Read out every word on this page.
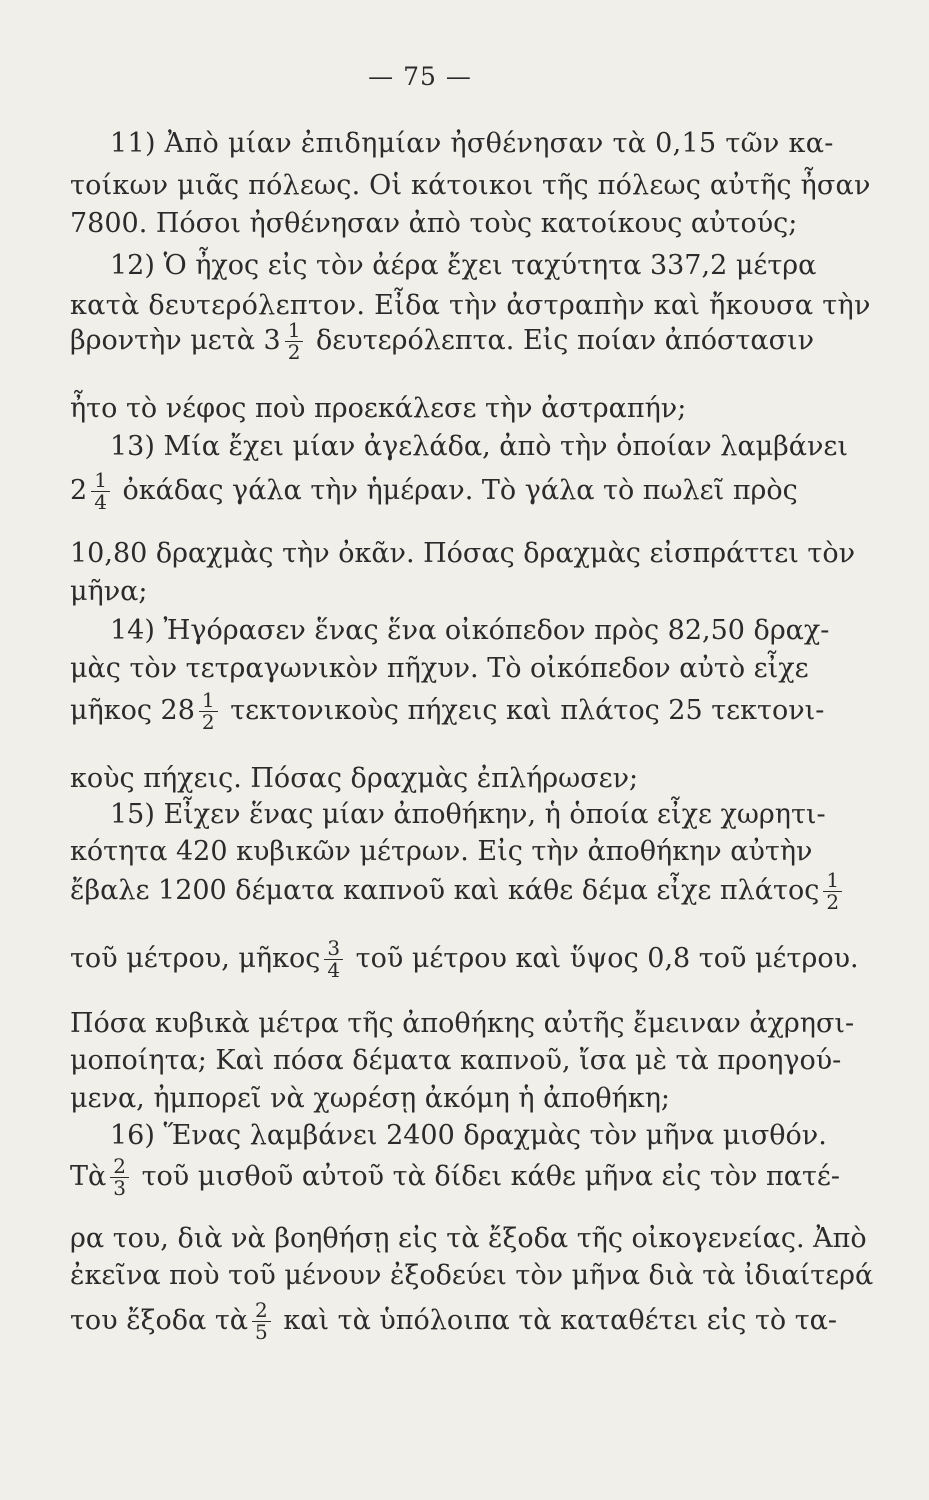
— 75 —
11) Ἀπὸ μίαν ἐπιδημίαν ἠσθένησαν τὰ 0,15 τῶν κα-
τοίκων μιᾶς πόλεως. Οἱ κάτοικοι τῆς πόλεως αὐτῆς ἦσαν
7800. Πόσοι ἠσθένησαν ἀπὸ τοὺς κατοίκους αὐτούς;
12) Ὁ ἦχος εἰς τὸν ἀέρα ἔχει ταχύτητα 337,2 μέτρα
κατὰ δευτερόλεπτον. Εἶδα τὴν ἀστραπὴν καὶ ἤκουσα τὴν
βροντὴν μετὰ $3 \frac{1}{2} \delta\varepsilon\upsilon\tau\varepsilon\rho ό\lambda\varepsilon\pi\tau\alpha$. Εἰς ποίαν ἀπόστασιν
ἦτο τὸ νέφος ποὺ προεκάλεσε τὴν ἀστραπήν;
13) Μία ἔχει μίαν ἀγελάδα, ἀπὸ τὴν ὁποίαν λαμβάνει
$2 \frac{1}{4}$ ὀκάδας γάλα τὴν ἡμέραν. Τὸ γάλα τὸ πωλεῖ πρὸς
10,80 δραχμὰς τὴν ὀκᾶν. Πόσας δραχμὰς εἰσπράττει τὸν
μῆνα;
14) Ἠγόρασεν ἕνας ἕνα οἰκόπεδον πρὸς 82,50 δραχ-
μὰς τὸν τετραγωνικὸν πῆχυν. Τὸ οἰκόπεδον αὐτὸ εἶχε
μῆκος $28 \frac{1}{2}$ τεκτονικοὺς πήχεις καὶ πλάτος 25 τεκτονι-
κοὺς πήχεις. Πόσας δραχμὰς ἐπλήρωσεν;
15) Εἶχεν ἕνας μίαν ἀποθήκην, ἡ ὁποία εἶχε χωρητι-
κότητα 420 κυβικῶν μέτρων. Εἰς τὴν ἀποθήκην αὐτὴν
ἔβαλε 1200 δέματα καπνοῦ καὶ κάθε δέμα εἶχε πλάτος $\frac{1}{2}$
τοῦ μέτρου, μῆκος $\frac{3}{4}$ τοῦ μέτρου καὶ ὕψος 0,8 τοῦ μέτρου.
Πόσα κυβικὰ μέτρα τῆς ἀποθήκης αὐτῆς ἔμειναν ἀχρησι-
μοποίητα; Καὶ πόσα δέματα καπνοῦ, ἴσα μὲ τὰ προηγού-
μενα, ἠμπορεῖ νὰ χωρέσῃ ἀκόμη ἡ ἀποθήκη;
16) Ἕνας λαμβάνει 2400 δραχμὰς τὸν μῆνα μισθόν.
Τὰ $\frac{2}{3}$ τοῦ μισθοῦ αὐτοῦ τὰ δίδει κάθε μῆνα εἰς τὸν πατέ-
ρα του, διὰ νὰ βοηθήσῃ εἰς τὰ ἔξοδα τῆς οἰκογενείας. Ἀπὸ
ἐκεῖνα ποὺ τοῦ μένουν ἐξοδεύει τὸν μῆνα διὰ τὰ ἰδιαίτερά
του ἔξοδα τὰ $\frac{2}{5}$ καὶ τὰ ὑπόλοιπα τὰ καταθέτει εἰς τὸ τα-
